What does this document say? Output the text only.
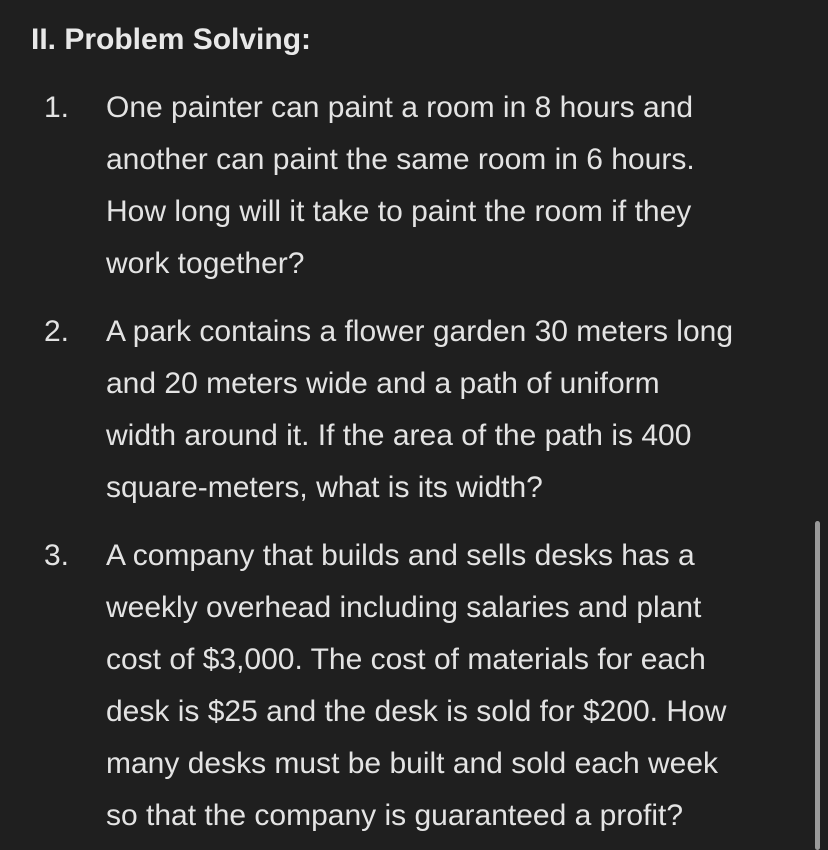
II. Problem Solving:
1. One painter can paint a room in 8 hours and
another can paint the same room in 6 hours.
How long will it take to paint the room if they
work together?
2. A park contains a flower garden 30 meters long
and 20 meters wide and a path of uniform
width around it. If the area of the path is 400
square-meters, what is its width?
3. A company that builds and sells desks has a
weekly overhead including salaries and plant
cost of $3,000. The cost of materials for each
desk is $25 and the desk is sold for $200. How
many desks must be built and sold each week
so that the company is guaranteed a profit?
